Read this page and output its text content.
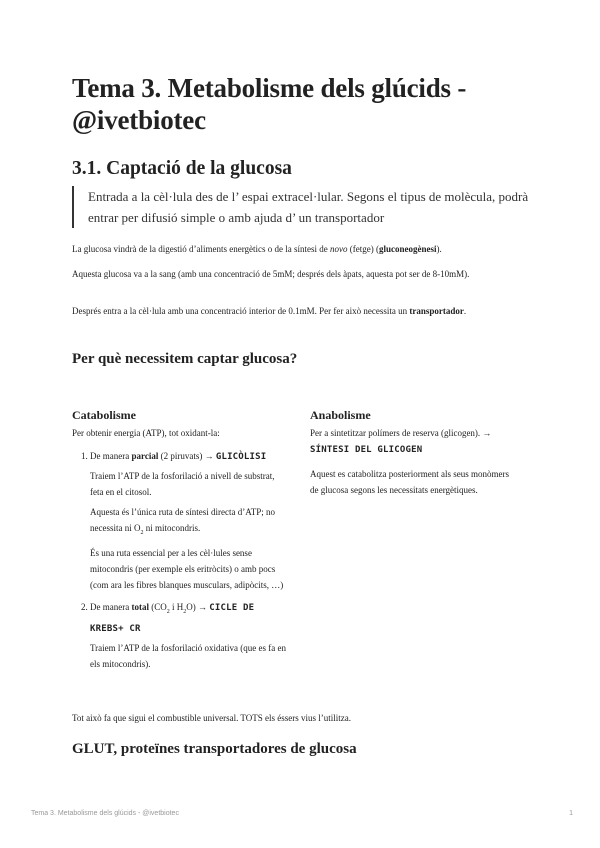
Tema 3. Metabolisme dels glúcids - @ivetbiotec
3.1. Captació de la glucosa
Entrada a la cèl·lula des de l’ espai extracel·lular. Segons el tipus de molècula, podrà entrar per difusió simple o amb ajuda d’ un transportador

La glucosa vindrà de la digestió d’aliments energètics o de la síntesi de novo (fetge) (gluconeogènesi).

Aquesta glucosa va a la sang (amb una concentració de 5mM; després dels àpats, aquesta pot ser de 8-10mM).

Després entra a la cèl·lula amb una concentració interior de 0.1mM. Per fer això necessita un transportador.

Per què necessitem captar glucosa?
Catabolisme

Per obtenir energia (ATP), tot oxidant-la:

1. De manera parcial (2 piruvats) → GLICÒLISI

Traiem l’ATP de la fosforilació a nivell de substrat, feta en el citosol.

Aquesta és l’única ruta de síntesi directa d’ATP; no necessita ni $O_2$ ni mitocondris.

És una ruta essencial per a les cèl·lules sense mitocondris (per exemple els eritròcits) o amb pocs (com ara les fibres blanques musculars, adipòcits, …)

2. De manera total ($CO_2$ i $H_2O$) → CICLE DE KREBS+ CR

Traiem l’ATP de la fosforilació oxidativa (que es fa en els mitocondris).

Anabolisme

Per a sintetitzar polímers de reserva (glicogen). → SÍNTESI DEL GLICOGEN

Aquest es catabolitza posteriorment als seus monòmers de glucosa segons les necessitats energètiques.

Tot això fa que sigui el combustible universal. TOTS els éssers vius l’utilitza.

GLUT, proteïnes transportadores de glucosa
Tema 3. Metabolisme dels glúcids - @ivetbiotec	1
